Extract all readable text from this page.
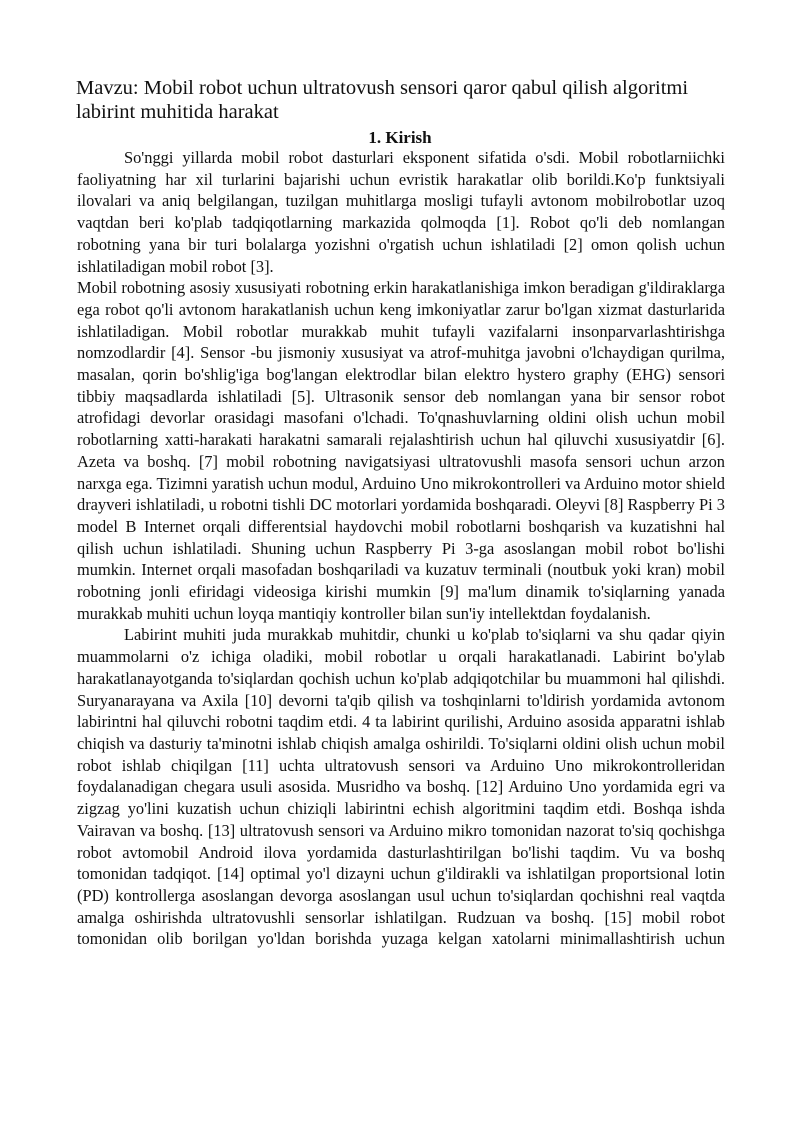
Mavzu: Mobil robot uchun ultratovush sensori qaror qabul qilish algoritmi labirint muhitida harakat
1. Kirish

So'nggi yillarda mobil robot dasturlari eksponent sifatida o'sdi. Mobil robotlarniichki faoliyatning har xil turlarini bajarishi uchun evristik harakatlar olib borildi.Ko'p funktsiyali ilovalari va aniq belgilangan, tuzilgan muhitlarga mosligi tufayli avtonom mobilrobotlar uzoq vaqtdan beri ko'plab tadqiqotlarning markazida qolmoqda [1]. Robot qo'li deb nomlangan robotning yana bir turi bolalarga yozishni o'rgatish uchun ishlatiladi [2] omon qolish uchun ishlatiladigan mobil robot [3].

Mobil robotning asosiy xususiyati robotning erkin harakatlanishiga imkon beradigan g'ildiraklarga ega robot qo'li avtonom harakatlanish uchun keng imkoniyatlar zarur bo'lgan xizmat dasturlarida ishlatiladigan. Mobil robotlar murakkab muhit tufayli vazifalarni insonparvarlashtirishga nomzodlardir [4]. Sensor -bu jismoniy xususiyat va atrof-muhitga javobni o'lchaydigan qurilma, masalan, qorin bo'shlig'iga bog'langan elektrodlar bilan elektro hystero graphy (EHG) sensori tibbiy maqsadlarda ishlatiladi [5]. Ultrasonik sensor deb nomlangan yana bir sensor robot atrofidagi devorlar orasidagi masofani o'lchadi. To'qnashuvlarning oldini olish uchun mobil robotlarning xatti-harakati harakatni samarali rejalashtirish uchun hal qiluvchi xususiyatdir [6]. Azeta va boshq. [7] mobil robotning navigatsiyasi ultratovushli masofa sensori uchun arzon narxga ega. Tizimni yaratish uchun modul, Arduino Uno mikrokontrolleri va Arduino motor shield drayveri ishlatiladi, u robotni tishli DC motorlari yordamida boshqaradi. Oleyvi [8] Raspberry Pi 3 model B Internet orqali differentsial haydovchi mobil robotlarni boshqarish va kuzatishni hal qilish uchun ishlatiladi. Shuning uchun Raspberry Pi 3-ga asoslangan mobil robot bo'lishi mumkin. Internet orqali masofadan boshqariladi va kuzatuv terminali (noutbuk yoki kran) mobil robotning jonli efiridagi videosiga kirishi mumkin [9] ma'lum dinamik to'siqlarning yanada murakkab muhiti uchun loyqa mantiqiy kontroller bilan sun'iy intellektdan foydalanish.

Labirint muhiti juda murakkab muhitdir, chunki u ko'plab to'siqlarni va shu qadar qiyin muammolarni o'z ichiga oladiki, mobil robotlar u orqali harakatlanadi. Labirint bo'ylab harakatlanayotganda to'siqlardan qochish uchun ko'plab adqiqotchilar bu muammoni hal qilishdi. Suryanarayana va Axila [10] devorni ta'qib qilish va toshqinlarni to'ldirish yordamida avtonom labirintni hal qiluvchi robotni taqdim etdi. 4 ta labirint qurilishi, Arduino asosida apparatni ishlab chiqish va dasturiy ta'minotni ishlab chiqish amalga oshirildi. To'siqlarni oldini olish uchun mobil robot ishlab chiqilgan [11] uchta ultratovush sensori va Arduino Uno mikrokontrolleridan foydalanadigan chegara usuli asosida. Musridho va boshq. [12] Arduino Uno yordamida egri va zigzag yo'lini kuzatish uchun chiziqli labirintni echish algoritmini taqdim etdi. Boshqa ishda Vairavan va boshq. [13] ultratovush sensori va Arduino mikro tomonidan nazorat to'siq qochishga robot avtomobil Android ilova yordamida dasturlashtirilgan bo'lishi taqdim. Vu va boshq tomonidan tadqiqot. [14] optimal yo'l dizayni uchun g'ildirakli va ishlatilgan proportsional lotin (PD) kontrollerga asoslangan devorga asoslangan usul uchun to'siqlardan qochishni real vaqtda amalga oshirishda ultratovushli sensorlar ishlatilgan. Rudzuan va boshq. [15] mobil robot tomonidan olib borilgan yo'ldan borishda yuzaga kelgan xatolarni minimallashtirish uchun
